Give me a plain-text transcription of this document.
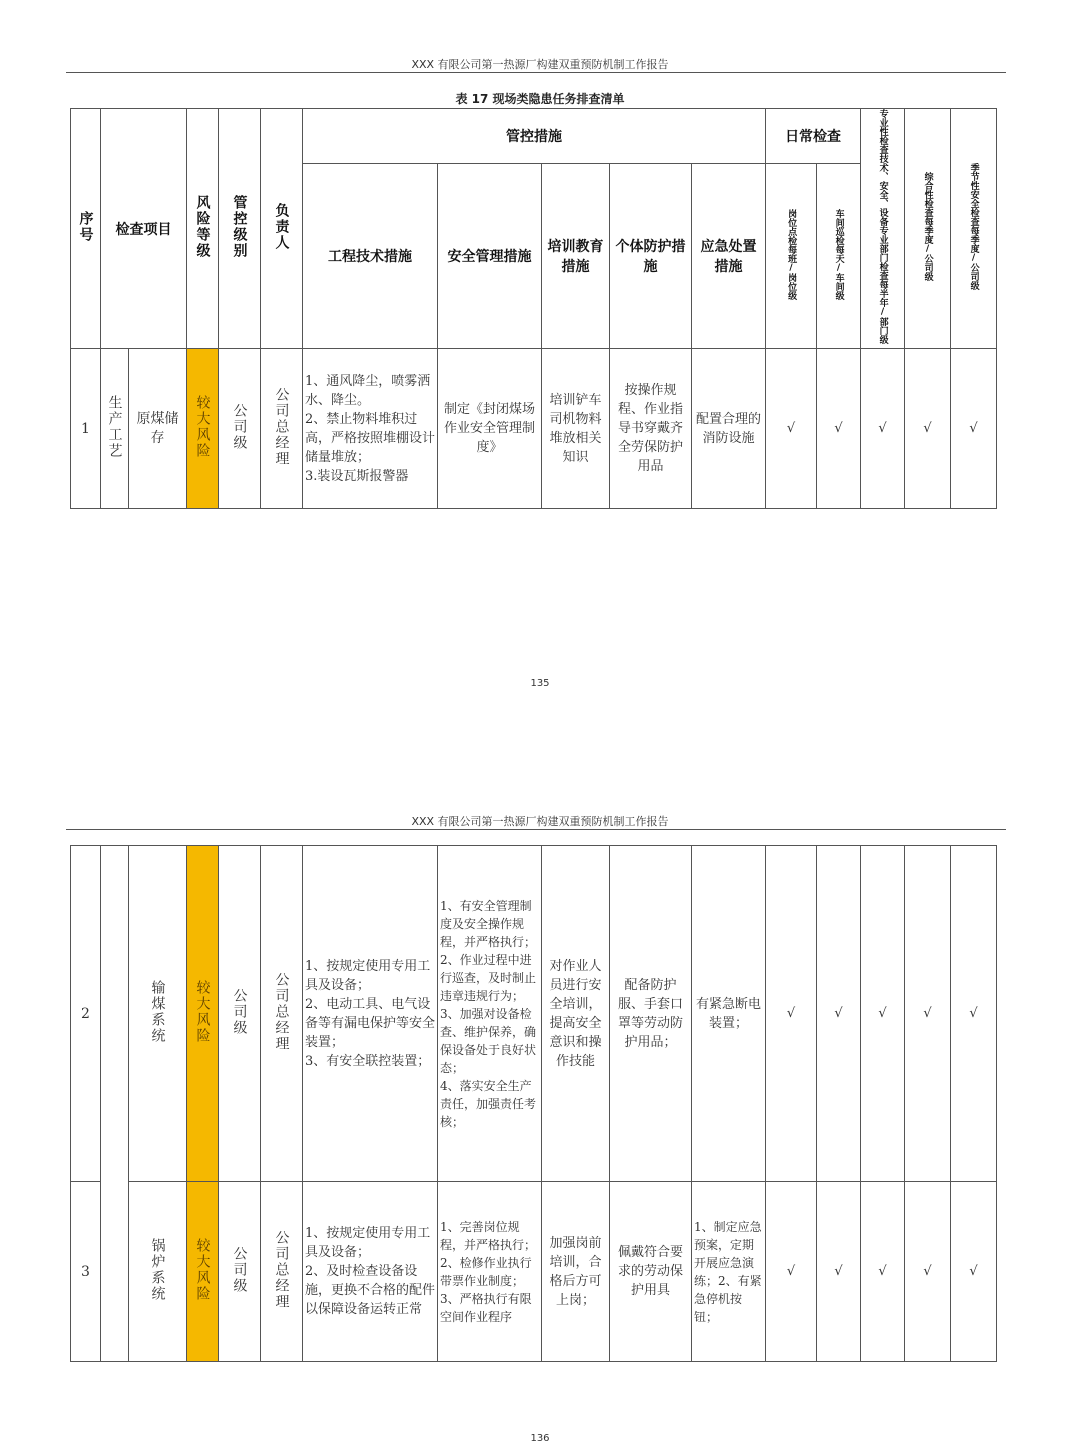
XXX 有限公司第一热源厂构建双重预防机制工作报告
表 17 现场类隐患任务排查清单
序号	检查项目		风险等级	管控级别	负责人	管控措施					日常检查		专业性检查技术、安全、设备专业部门检查每半年/部门级	综合性检查每季度/公司级	季节性安全检查每季度/公司级
						工程技术措施	安全管理措施	培训教育措施	个体防护措施	应急处置措施	岗位点检每班/岗位级	车间巡检每天/车间级			
1	生产工艺	原煤储存	较大风险	公司级	公司总经理	1、通风降尘，喷雾洒水、降尘。
2、禁止物料堆积过高，严格按照堆棚设计储量堆放；
3.装设瓦斯报警器	制定《封闭煤场作业安全管理制度》	培训铲车司机物料堆放相关知识	按操作规程、作业指导书穿戴齐全劳保防护用品	配置合理的消防设施	√	√	√	√	√
135
XXX 有限公司第一热源厂构建双重预防机制工作报告
2		输煤系统	较大风险	公司级	公司总经理	1、按规定使用专用工具及设备；
2、电动工具、电气设备等有漏电保护等安全装置；
3、有安全联控装置；	1、有安全管理制度及安全操作规程，并严格执行；
2、作业过程中进行巡查，及时制止违章违规行为；
3、加强对设备检查、维护保养，确保设备处于良好状态；
4、落实安全生产责任，加强责任考核；	对作业人员进行安全培训，提高安全意识和操作技能	配备防护服、手套口罩等劳动防护用品；	有紧急断电装置；	√	√	√	√	√
3		锅炉系统	较大风险	公司级	公司总经理	1、按规定使用专用工具及设备；
2、及时检查设备设施，更换不合格的配件以保障设备运转正常	1、完善岗位规程，并严格执行；
2、检修作业执行带票作业制度；
3、严格执行有限空间作业程序	加强岗前培训，合格后方可上岗；	佩戴符合要求的劳动保护用具	1、制定应急预案，定期开展应急演练；2、有紧急停机按钮；	√	√	√	√	√
136
